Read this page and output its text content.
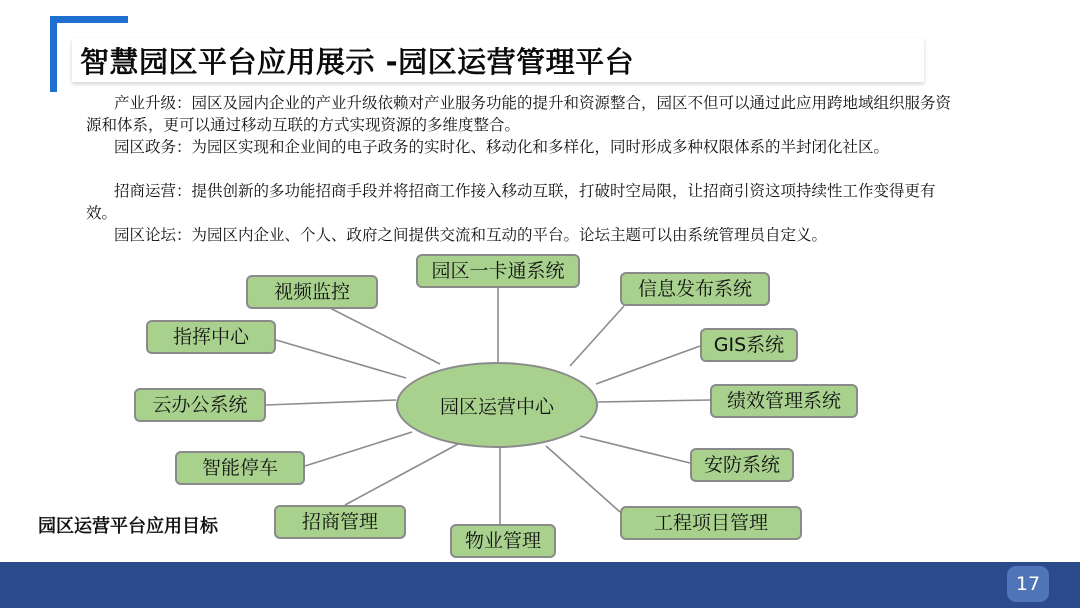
智慧园区平台应用展示 -园区运营管理平台
产业升级：园区及园内企业的产业升级依赖对产业服务功能的提升和资源整合，园区不但可以通过此应用跨地域组织服务资源和体系，更可以通过移动互联的方式实现资源的多维度整合。
园区政务：为园区实现和企业间的电子政务的实时化、移动化和多样化，同时形成多种权限体系的半封闭化社区。
招商运营：提供创新的多功能招商手段并将招商工作接入移动互联，打破时空局限，让招商引资这项持续性工作变得更有效。
园区论坛：为园区内企业、个人、政府之间提供交流和互动的平台。论坛主题可以由系统管理员自定义。
园区运营中心
园区一卡通系统
信息发布系统
GIS系统
绩效管理系统
安防系统
工程项目管理
物业管理
招商管理
智能停车
云办公系统
指挥中心
视频监控
园区运营平台应用目标
17
